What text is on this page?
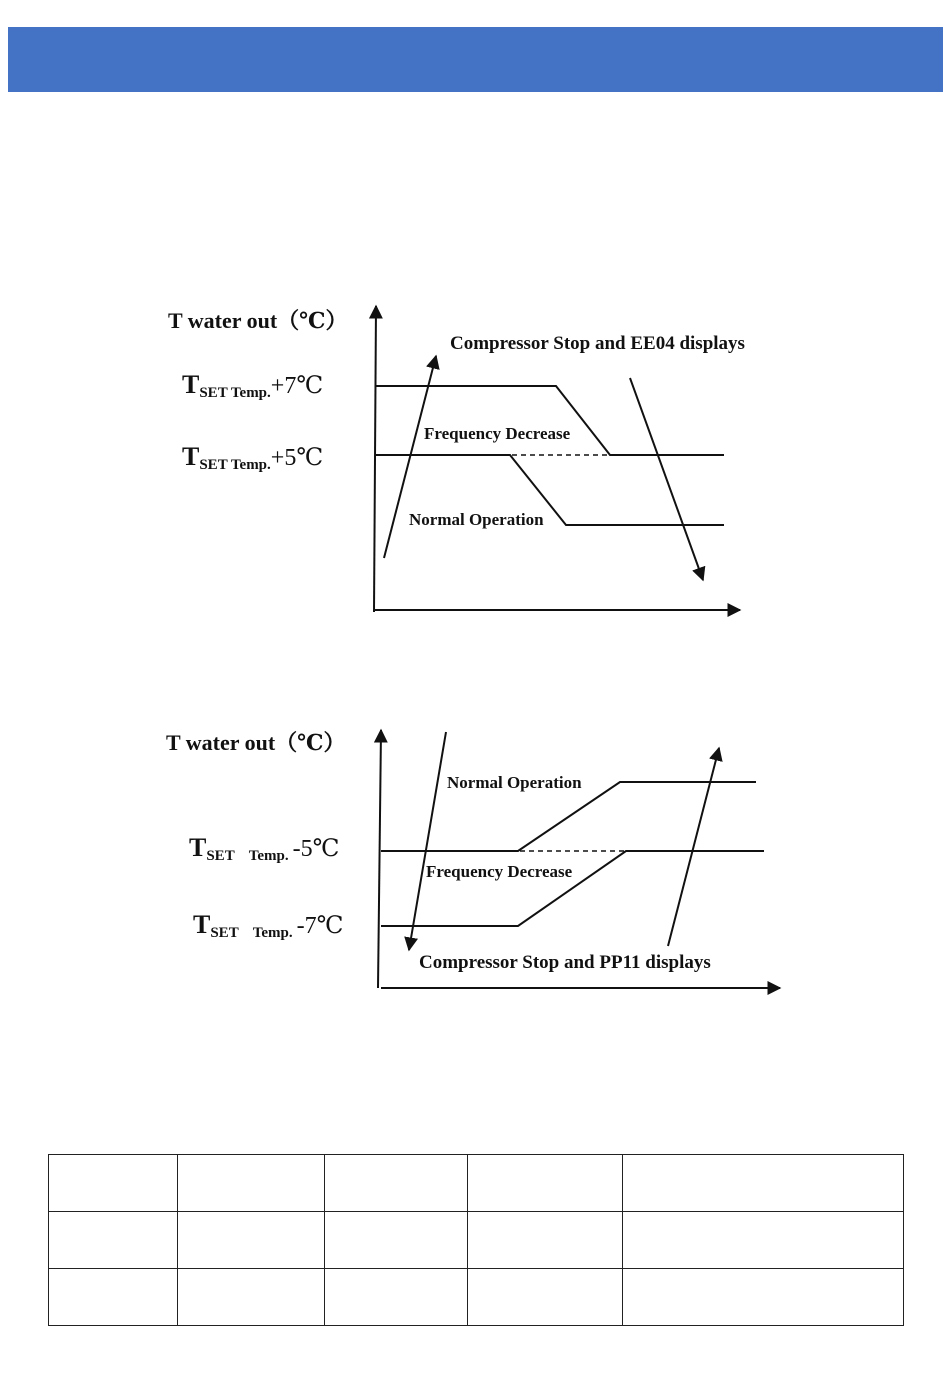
T water out（℃）
TSET Temp.+7℃
TSET Temp.+5℃
Compressor Stop and EE04 displays
Frequency Decrease
Normal Operation
T water out（℃）
TSET Temp. -5℃
TSET Temp. -7℃
Normal Operation
Frequency Decrease
Compressor Stop and PP11 displays
